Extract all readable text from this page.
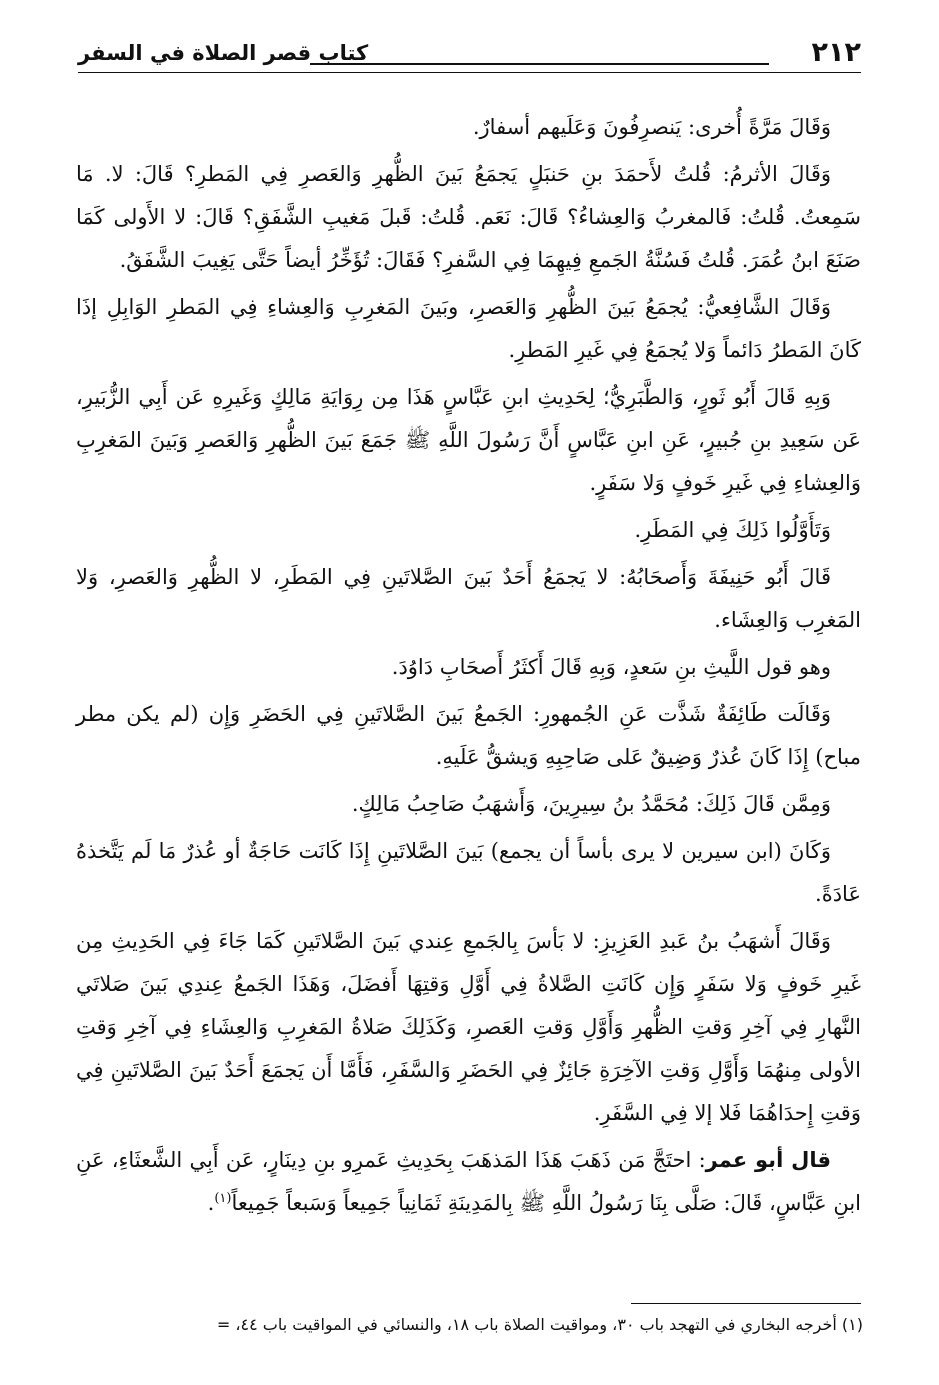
٢١٢
كتاب قصر الصلاة في السفر

وَقَالَ مَرَّةً أُخرى: يَنصرِفُونَ وَعَلَيهم أسفارٌ.

وَقَالَ الأثرمُ: قُلتُ لأَحمَدَ بنِ حَنبَلٍ يَجمَعُ بَينَ الظُّهرِ وَالعَصرِ فِي المَطرِ؟ قَالَ: لا. مَا سَمِعتُ. قُلتُ: فَالمغربُ وَالعِشاءُ؟ قَالَ: نَعَم. قُلتُ: قَبلَ مَغيبِ الشَّفَقِ؟ قَالَ: لا الأَولى كَمَا صَنَعَ ابنُ عُمَرَ. قُلتُ فَسُنَّةُ الجَمعِ فِيهِمَا فِي السَّفرِ؟ فَقَالَ: تُؤَخِّرُ أيضاً حَتَّى يَغِيبَ الشَّفَقُ.

وَقَالَ الشَّافِعيُّ: يُجمَعُ بَينَ الظُّهرِ وَالعَصرِ، وبَينَ المَغرِبِ وَالعِشاءِ فِي المَطرِ الوَابِلِ إذَا كَانَ المَطرُ دَائماً وَلا يُجمَعُ فِي غَيرِ المَطرِ.

وَبِهِ قَالَ أَبُو ثَورٍ، وَالطَّبَرِيُّ؛ لِحَدِيثِ ابنِ عَبَّاسٍ هَذَا مِن رِوَايَةِ مَالِكٍ وَغَيرِهِ عَن أَبِي الزُّبَيرِ، عَن سَعِيدِ بنِ جُبيرٍ، عَنِ ابنِ عَبَّاسٍ أَنَّ رَسُولَ اللَّهِ ﷺ جَمَعَ بَينَ الظُّهرِ وَالعَصرِ وَبَينَ المَغرِبِ وَالعِشاءِ فِي غَيرِ خَوفٍ وَلا سَفَرٍ.

وَتَأَوَّلُوا ذَلِكَ فِي المَطَرِ.

قَالَ أَبُو حَنِيفَةَ وَأَصحَابُهُ: لا يَجمَعُ أَحَدٌ بَينَ الصَّلاتَينِ فِي المَطَرِ، لا الظُّهرِ وَالعَصرِ، وَلا المَغرِب وَالعِشَاء.

وهو قول اللَّيثِ بنِ سَعدٍ، وَبِهِ قَالَ أَكثَرُ أَصحَابِ دَاوُدَ.

وَقَالَت طَائِفَةٌ شَذَّت عَنِ الجُمهورِ: الجَمعُ بَينَ الصَّلاتَينِ فِي الحَضَرِ وَإِن (لم يكن مطر مباح) إِذَا كَانَ عُذرٌ وَضِيقٌ عَلى صَاحِبِهِ وَيشقُّ عَلَيهِ.

وَمِمَّن قَالَ ذَلِكَ: مُحَمَّدُ بنُ سِيرِينَ، وَأَشهَبُ صَاحِبُ مَالِكٍ.

وَكَانَ (ابن سيرين لا يرى بأساً أن يجمع) بَينَ الصَّلاتَينِ إِذَا كَانَت حَاجَةٌ أو عُذرٌ مَا لَم يَتَّخذهُ عَادَةً.

وَقَالَ أَشهَبُ بنُ عَبدِ العَزِيزِ: لا بَأسَ بِالجَمعِ عِندي بَينَ الصَّلاتَينِ كَمَا جَاءَ فِي الحَدِيثِ مِن غَيرِ خَوفٍ وَلا سَفَرٍ وَإِن كَانَتِ الصَّلاةُ فِي أَوَّلِ وَقتِهَا أَفضَلَ، وَهَذَا الجَمعُ عِندِي بَينَ صَلاتَي النَّهارِ فِي آخِرِ وَقتِ الظُّهرِ وَأَوَّلِ وَقتِ العَصرِ، وَكَذَلِكَ صَلاةُ المَغرِبِ وَالعِشَاءِ فِي آخِرِ وَقتِ الأولى مِنهُمَا وَأَوَّلِ وَقتِ الآخِرَةِ جَائِزٌ فِي الحَضَرِ وَالسَّفَرِ، فَأَمَّا أَن يَجمَعَ أَحَدٌ بَينَ الصَّلاتَينِ فِي وَقتِ إِحدَاهُمَا فَلا إلا فِي السَّفَرِ.

قال أبو عمر: احتَجَّ مَن ذَهَبَ هَذَا المَذهَبَ بِحَدِيثِ عَمرِو بنِ دِينَارٍ، عَن أَبِي الشَّعثَاءِ، عَنِ ابنِ عَبَّاسٍ، قَالَ: صَلَّى بِنَا رَسُولُ اللَّهِ ﷺ بِالمَدِينَةِ ثَمَانِياً جَمِيعاً وَسَبعاً جَمِيعاً$^{(١)}$.

(١) أخرجه البخاري في التهجد باب ٣٠، ومواقيت الصلاة باب ١٨، والنسائي في المواقيت باب ٤٤، =
